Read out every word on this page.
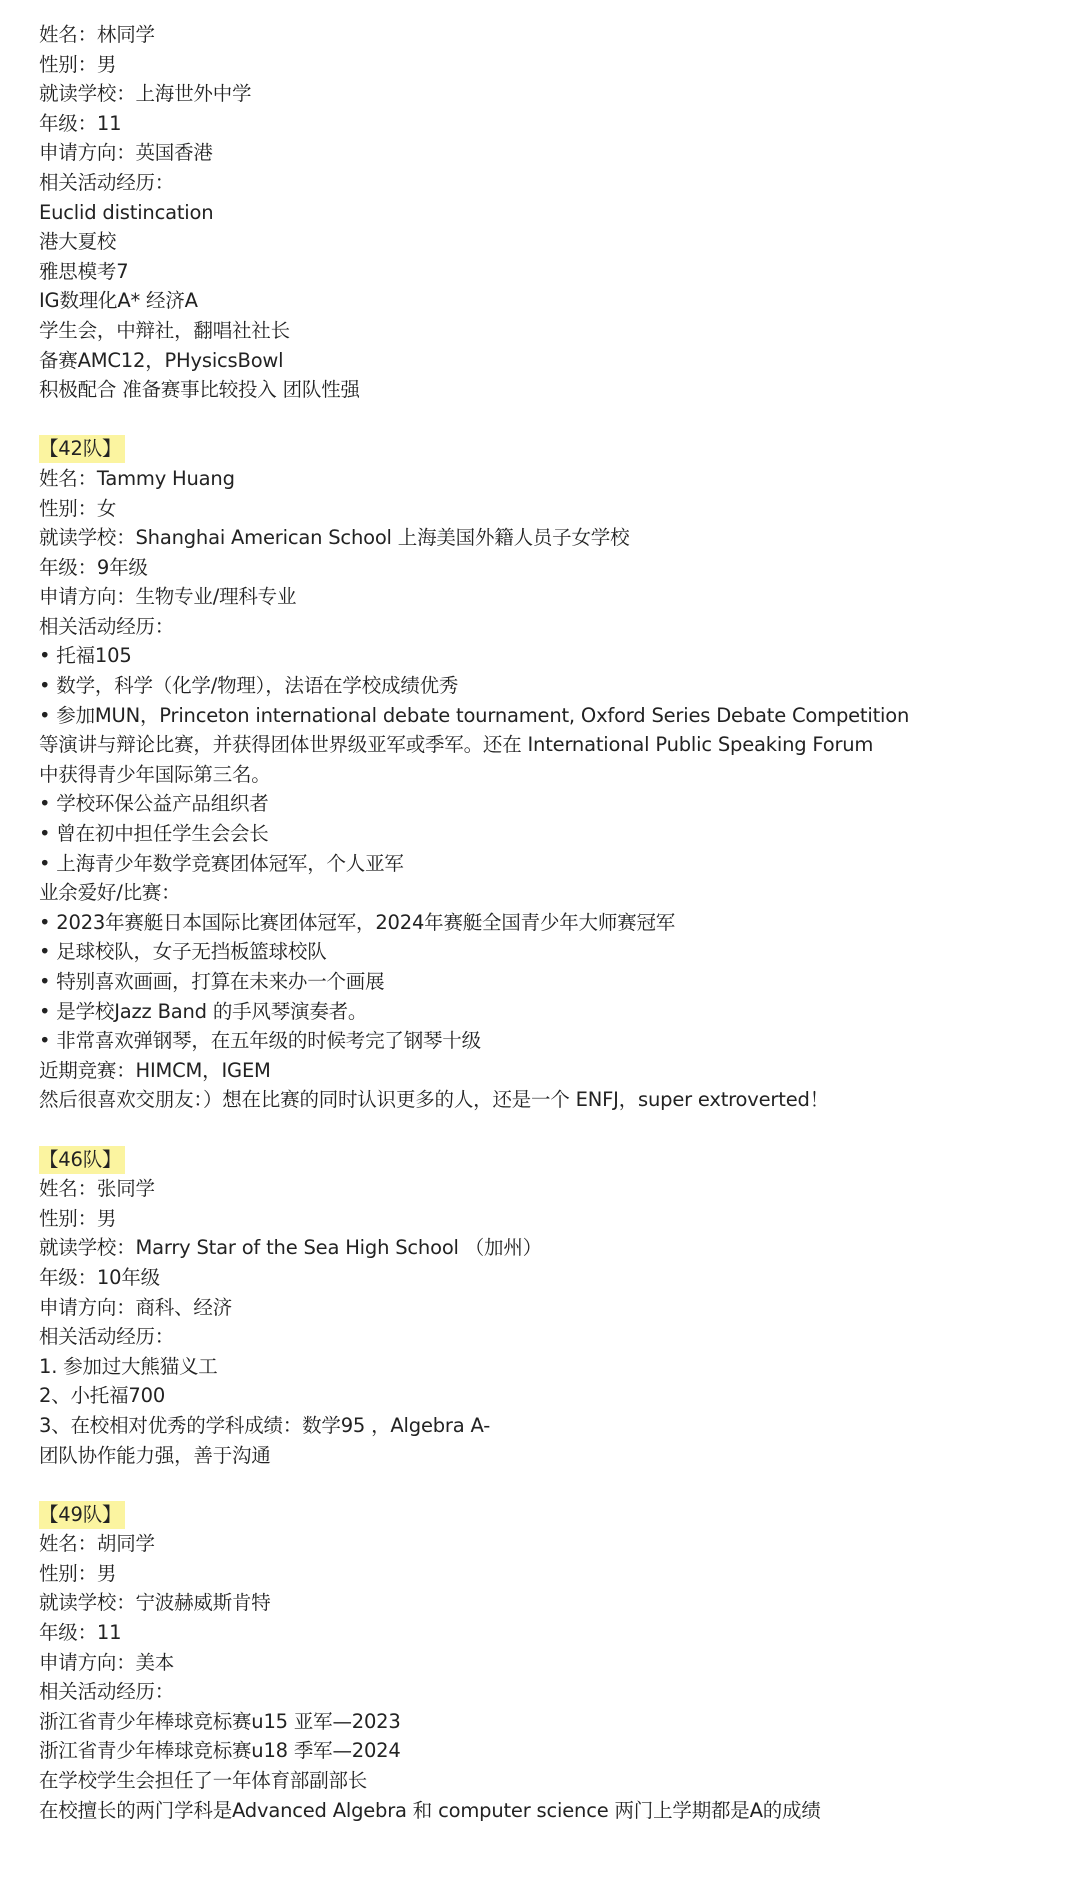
姓名：林同学
性别：男
就读学校：上海世外中学
年级：11
申请方向：英国香港
相关活动经历：
Euclid distincation
港大夏校
雅思模考7
IG数理化A* 经济A
学生会，中辩社，翻唱社社长
备赛AMC12，PHysicsBowl
积极配合 准备赛事比较投入 团队性强
【42队】
姓名：Tammy Huang
性别：女
就读学校：Shanghai American School 上海美国外籍人员子女学校
年级：9年级
申请方向：生物专业/理科专业
相关活动经历：
• 托福105
• 数学，科学（化学/物理），法语在学校成绩优秀
• 参加MUN，Princeton international debate tournament, Oxford Series Debate Competition
等演讲与辩论比赛，并获得团体世界级亚军或季军。还在 International Public Speaking Forum
中获得青少年国际第三名。
• 学校环保公益产品组织者
• 曾在初中担任学生会会长
• 上海青少年数学竞赛团体冠军，个人亚军
业余爱好/比赛：
• 2023年赛艇日本国际比赛团体冠军，2024年赛艇全国青少年大师赛冠军
• 足球校队，女子无挡板篮球校队
• 特别喜欢画画，打算在未来办一个画展
• 是学校Jazz Band 的手风琴演奏者。
• 非常喜欢弹钢琴，在五年级的时候考完了钢琴十级
近期竞赛：HIMCM，IGEM
然后很喜欢交朋友：）想在比赛的同时认识更多的人，还是一个 ENFJ，super extroverted！
【46队】
姓名：张同学
性别：男
就读学校：Marry Star of the Sea High School （加州）
年级：10年级
申请方向：商科、经济
相关活动经历：
1. 参加过大熊猫义工
2、小托福700
3、在校相对优秀的学科成绩：数学95 ，Algebra A-
团队协作能力强，善于沟通
【49队】
姓名：胡同学
性别：男
就读学校：宁波赫威斯肯特
年级：11
申请方向：美本
相关活动经历：
浙江省青少年棒球竞标赛u15 亚军—2023
浙江省青少年棒球竞标赛u18 季军—2024
在学校学生会担任了一年体育部副部长
在校擅长的两门学科是Advanced Algebra 和 computer science 两门上学期都是A的成绩
